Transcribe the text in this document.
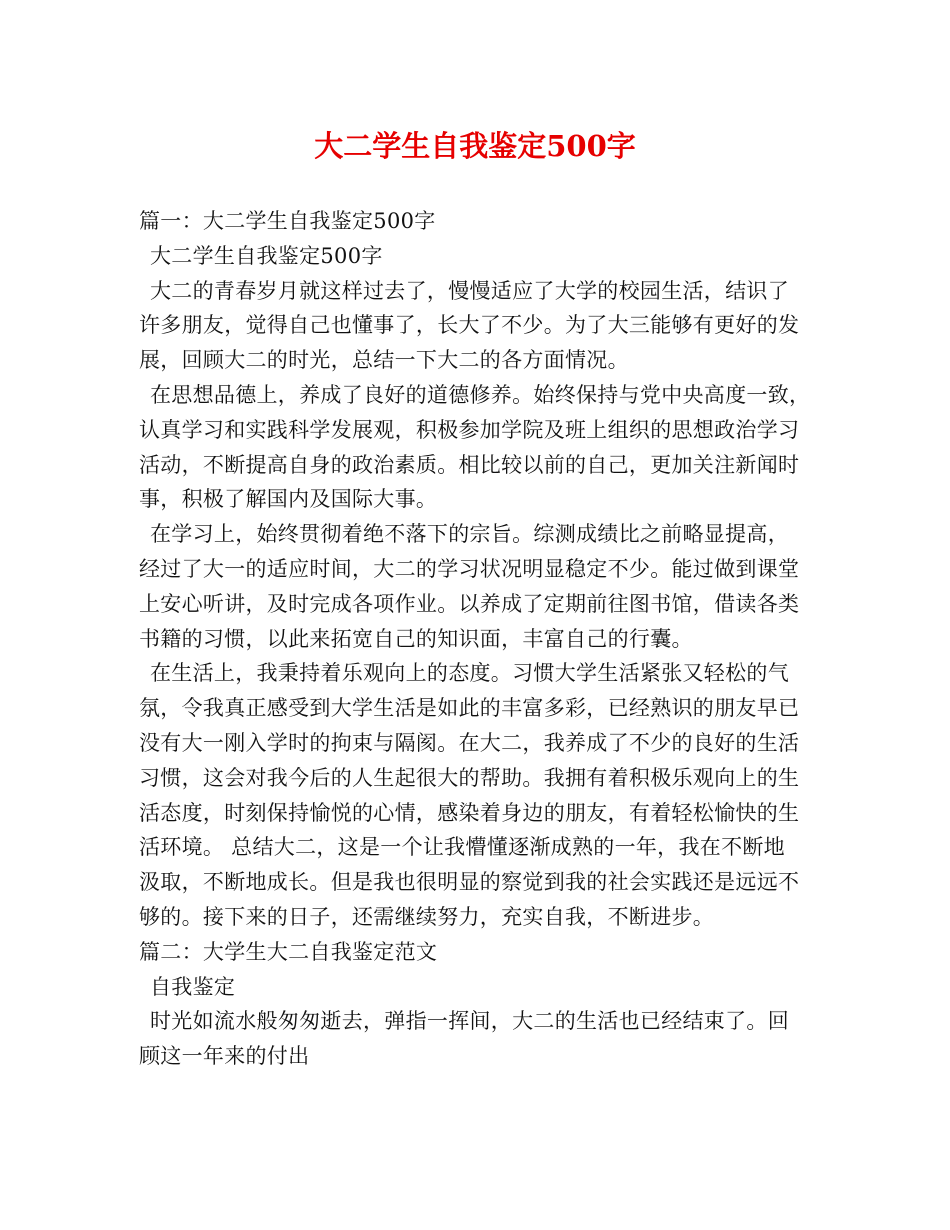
大二学生自我鉴定500字
篇一：大二学生自我鉴定500字
大二学生自我鉴定500字
大二的青春岁月就这样过去了，慢慢适应了大学的校园生活，结识了
许多朋友，觉得自己也懂事了，长大了不少。为了大三能够有更好的发
展，回顾大二的时光，总结一下大二的各方面情况。
在思想品德上，养成了良好的道德修养。始终保持与党中央高度一致，
认真学习和实践科学发展观，积极参加学院及班上组织的思想政治学习
活动，不断提高自身的政治素质。相比较以前的自己，更加关注新闻时
事，积极了解国内及国际大事。
在学习上，始终贯彻着绝不落下的宗旨。综测成绩比之前略显提高，
经过了大一的适应时间，大二的学习状况明显稳定不少。能过做到课堂
上安心听讲，及时完成各项作业。以养成了定期前往图书馆，借读各类
书籍的习惯，以此来拓宽自己的知识面，丰富自己的行囊。
在生活上，我秉持着乐观向上的态度。习惯大学生活紧张又轻松的气
氛，令我真正感受到大学生活是如此的丰富多彩，已经熟识的朋友早已
没有大一刚入学时的拘束与隔阂。在大二，我养成了不少的良好的生活
习惯，这会对我今后的人生起很大的帮助。我拥有着积极乐观向上的生
活态度，时刻保持愉悦的心情，感染着身边的朋友，有着轻松愉快的生
活环境。 总结大二，这是一个让我懵懂逐渐成熟的一年，我在不断地
汲取，不断地成长。但是我也很明显的察觉到我的社会实践还是远远不
够的。接下来的日子，还需继续努力，充实自我，不断进步。
篇二：大学生大二自我鉴定范文
自我鉴定
时光如流水般匆匆逝去，弹指一挥间，大二的生活也已经结束了。回
顾这一年来的付出
